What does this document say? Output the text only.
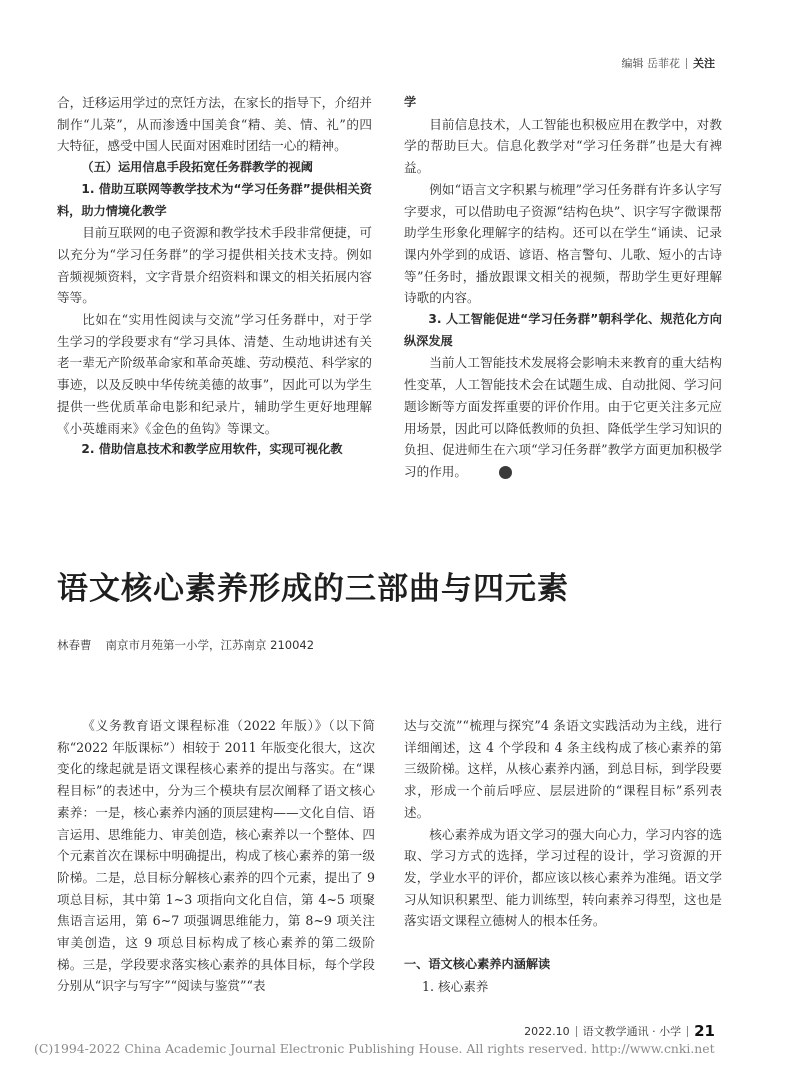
编辑 岳菲花 关注

合，迁移运用学过的烹饪方法，在家长的指导下，介绍并制作“儿菜”，从而渗透中国美食“精、美、情、礼”的四大特征，感受中国人民面对困难时团结一心的精神。

（五）运用信息手段拓宽任务群教学的视阈

1. 借助互联网等教学技术为“学习任务群”提供相关资料，助力情境化教学

目前互联网的电子资源和教学技术手段非常便捷，可以充分为“学习任务群”的学习提供相关技术支持。例如音频视频资料，文字背景介绍资料和课文的相关拓展内容等等。

比如在“实用性阅读与交流”学习任务群中，对于学生学习的学段要求有“学习具体、清楚、生动地讲述有关老一辈无产阶级革命家和革命英雄、劳动模范、科学家的事迹，以及反映中华传统美德的故事”，因此可以为学生提供一些优质革命电影和纪录片，辅助学生更好地理解《小英雄雨来》《金色的鱼钩》等课文。

2. 借助信息技术和教学应用软件，实现可视化教

学

目前信息技术，人工智能也积极应用在教学中，对教学的帮助巨大。信息化教学对“学习任务群”也是大有裨益。

例如“语言文字积累与梳理”学习任务群有许多认字写字要求，可以借助电子资源“结构色块”、识字写字微课帮助学生形象化理解字的结构。还可以在学生“诵读、记录课内外学到的成语、谚语、格言警句、儿歌、短小的古诗等”任务时，播放跟课文相关的视频，帮助学生更好理解诗歌的内容。

3. 人工智能促进“学习任务群”朝科学化、规范化方向纵深发展

当前人工智能技术发展将会影响未来教育的重大结构性变革，人工智能技术会在试题生成、自动批阅、学习问题诊断等方面发挥重要的评价作用。由于它更关注多元应用场景，因此可以降低教师的负担、降低学生学习知识的负担、促进师生在六项“学习任务群”教学方面更加积极学习的作用。	◆

语文核心素养形成的三部曲与四元素
林春曹 南京市月苑第一小学，江苏南京 210042

《义务教育语文课程标准（2022 年版）》（以下简称“2022 年版课标”）相较于 2011 年版变化很大，这次变化的缘起就是语文课程核心素养的提出与落实。在“课程目标”的表述中，分为三个模块有层次阐释了语文核心素养：一是，核心素养内涵的顶层建构——文化自信、语言运用、思维能力、审美创造，核心素养以一个整体、四个元素首次在课标中明确提出，构成了核心素养的第一级阶梯。二是，总目标分解核心素养的四个元素，提出了 9 项总目标，其中第 1~3 项指向文化自信，第 4~5 项聚焦语言运用，第 6~7 项强调思维能力，第 8~9 项关注审美创造，这 9 项总目标构成了核心素养的第二级阶梯。三是，学段要求落实核心素养的具体目标，每个学段分别从“识字与写字”“阅读与鉴赏”“表

达与交流”“梳理与探究”4 条语文实践活动为主线，进行详细阐述，这 4 个学段和 4 条主线构成了核心素养的第三级阶梯。这样，从核心素养内涵，到总目标，到学段要求，形成一个前后呼应、层层进阶的“课程目标”系列表述。

核心素养成为语文学习的强大向心力，学习内容的选取、学习方式的选择，学习过程的设计，学习资源的开发，学业水平的评价，都应该以核心素养为准绳。语文学习从知识积累型、能力训练型，转向素养习得型，这也是落实语文课程立德树人的根本任务。

一、语文核心素养内涵解读

1. 核心素养

2022.10 语文教学通讯 · 小学 21
(C)1994-2022 China Academic Journal Electronic Publishing House. All rights reserved. http://www.cnki.net
